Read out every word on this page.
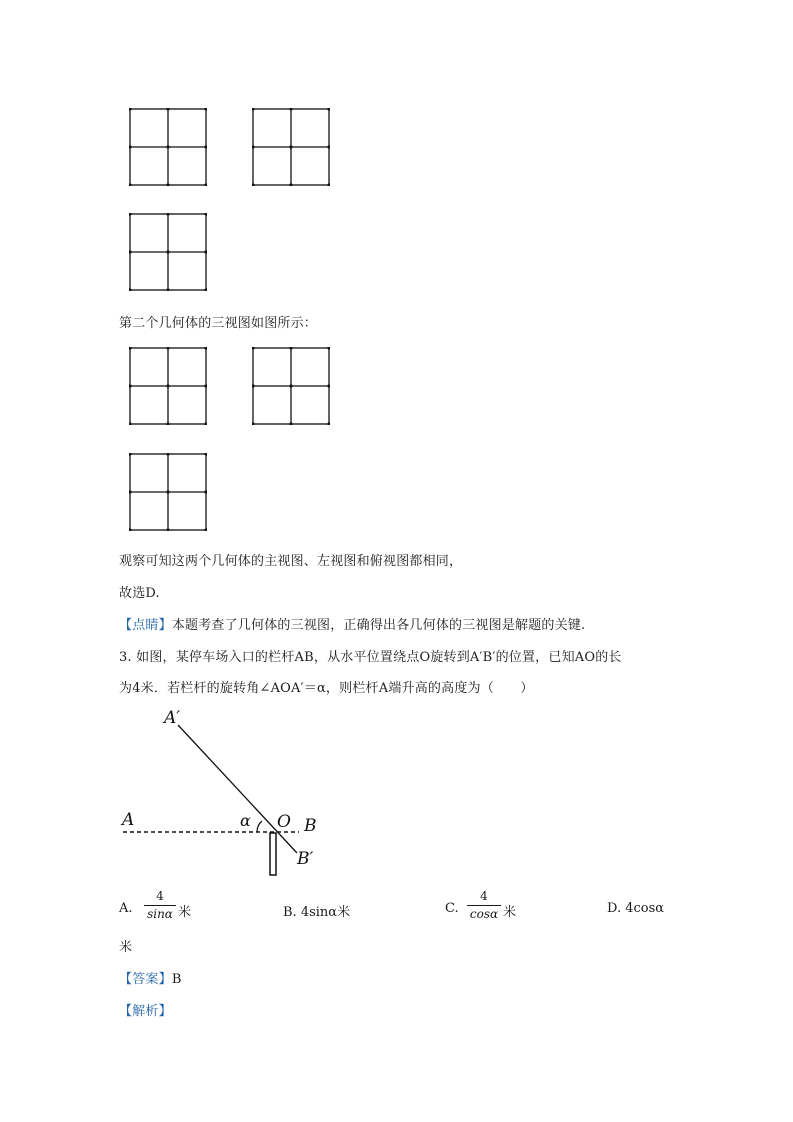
第二个几何体的三视图如图所示：
观察可知这两个几何体的主视图、左视图和俯视图都相同，
故选D.
【点睛】本题考查了几何体的三视图，正确得出各几何体的三视图是解题的关键.
3. 如图，某停车场入口的栏杆AB，从水平位置绕点O旋转到A′B′的位置，已知AO的长
为4米．若栏杆的旋转角∠AOA′＝α，则栏杆A端升高的高度为（　　）
A′
A	α O B
B′
A.
4
sinα 米	B. 4sinα米	C.
4
cosα 米	D. 4cosα
米
【答案】B
【解析】
